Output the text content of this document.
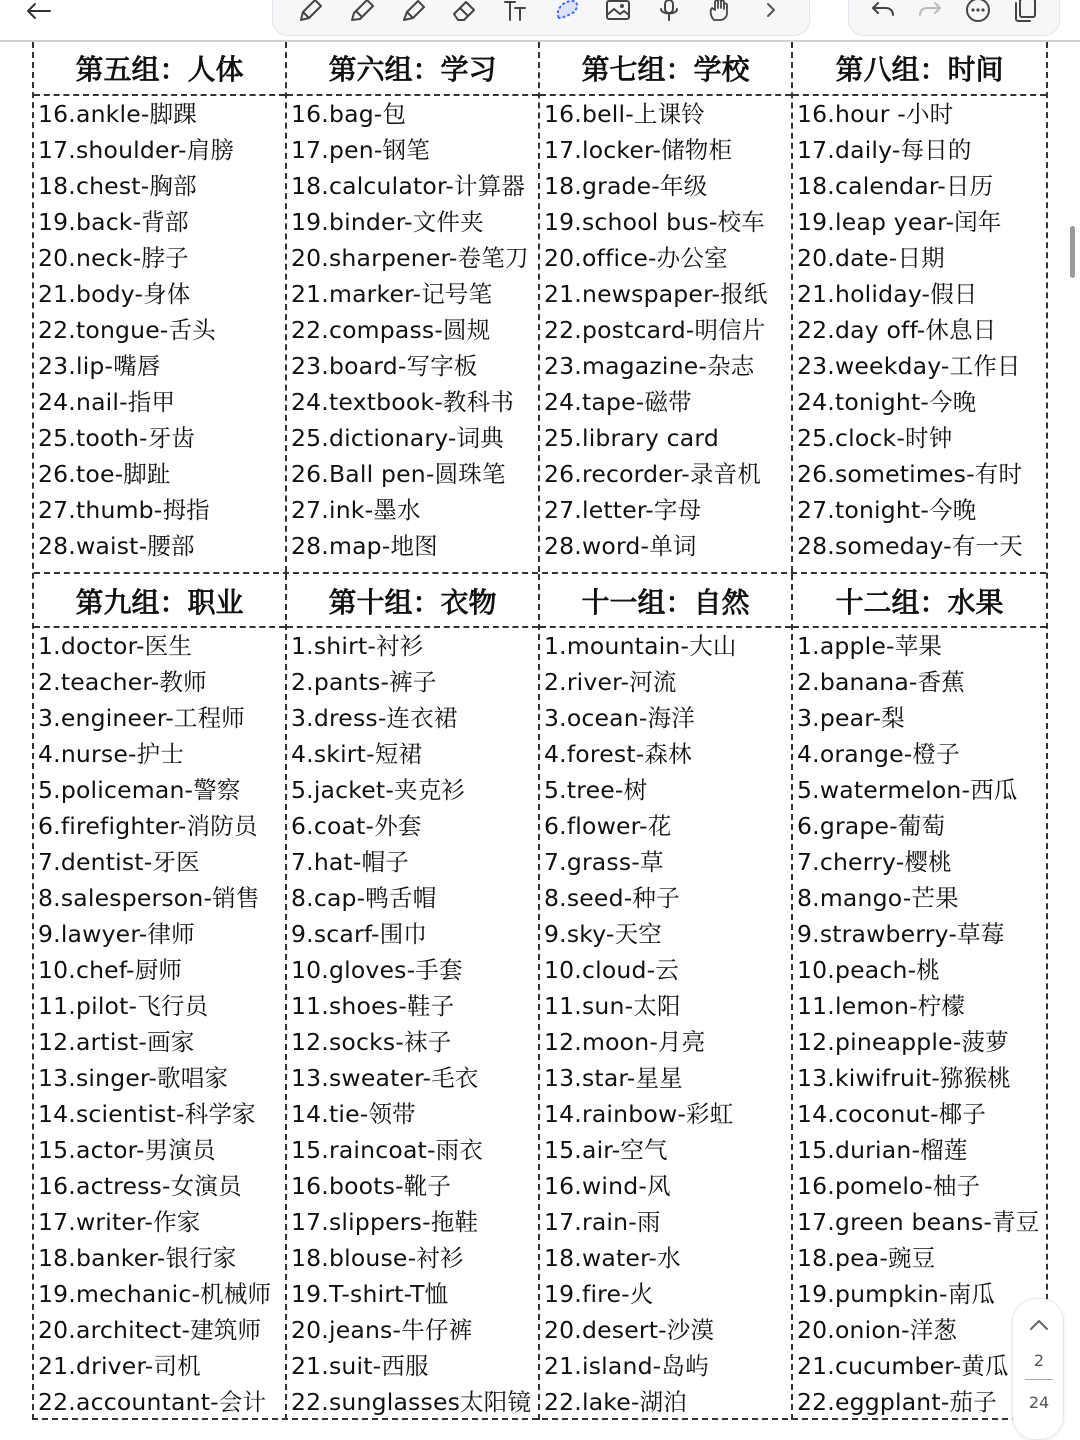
第五组：人体
16.ankle-脚踝
17.shoulder-肩膀
18.chest-胸部
19.back-背部
20.neck-脖子
21.body-身体
22.tongue-舌头
23.lip-嘴唇
24.nail-指甲
25.tooth-牙齿
26.toe-脚趾
27.thumb-拇指
28.waist-腰部
第六组：学习
16.bag-包
17.pen-钢笔
18.calculator-计算器
19.binder-文件夹
20.sharpener-卷笔刀
21.marker-记号笔
22.compass-圆规
23.board-写字板
24.textbook-教科书
25.dictionary-词典
26.Ball pen-圆珠笔
27.ink-墨水
28.map-地图
第七组：学校
16.bell-上课铃
17.locker-储物柜
18.grade-年级
19.school bus-校车
20.office-办公室
21.newspaper-报纸
22.postcard-明信片
23.magazine-杂志
24.tape-磁带
25.library card
26.recorder-录音机
27.letter-字母
28.word-单词
第八组：时间
16.hour -小时
17.daily-每日的
18.calendar-日历
19.leap year-闰年
20.date-日期
21.holiday-假日
22.day off-休息日
23.weekday-工作日
24.tonight-今晚
25.clock-时钟
26.sometimes-有时
27.tonight-今晚
28.someday-有一天
第九组：职业
1.doctor-医生
2.teacher-教师
3.engineer-工程师
4.nurse-护士
5.policeman-警察
6.firefighter-消防员
7.dentist-牙医
8.salesperson-销售
9.lawyer-律师
10.chef-厨师
11.pilot-飞行员
12.artist-画家
13.singer-歌唱家
14.scientist-科学家
15.actor-男演员
16.actress-女演员
17.writer-作家
18.banker-银行家
19.mechanic-机械师
20.architect-建筑师
21.driver-司机
22.accountant-会计
第十组：衣物
1.shirt-衬衫
2.pants-裤子
3.dress-连衣裙
4.skirt-短裙
5.jacket-夹克衫
6.coat-外套
7.hat-帽子
8.cap-鸭舌帽
9.scarf-围巾
10.gloves-手套
11.shoes-鞋子
12.socks-袜子
13.sweater-毛衣
14.tie-领带
15.raincoat-雨衣
16.boots-靴子
17.slippers-拖鞋
18.blouse-衬衫
19.T-shirt-T恤
20.jeans-牛仔裤
21.suit-西服
22.sunglasses太阳镜
十一组：自然
1.mountain-大山
2.river-河流
3.ocean-海洋
4.forest-森林
5.tree-树
6.flower-花
7.grass-草
8.seed-种子
9.sky-天空
10.cloud-云
11.sun-太阳
12.moon-月亮
13.star-星星
14.rainbow-彩虹
15.air-空气
16.wind-风
17.rain-雨
18.water-水
19.fire-火
20.desert-沙漠
21.island-岛屿
22.lake-湖泊
十二组：水果
1.apple-苹果
2.banana-香蕉
3.pear-梨
4.orange-橙子
5.watermelon-西瓜
6.grape-葡萄
7.cherry-樱桃
8.mango-芒果
9.strawberry-草莓
10.peach-桃
11.lemon-柠檬
12.pineapple-菠萝
13.kiwifruit-猕猴桃
14.coconut-椰子
15.durian-榴莲
16.pomelo-柚子
17.green beans-青豆
18.pea-豌豆
19.pumpkin-南瓜
20.onion-洋葱
21.cucumber-黄瓜
22.eggplant-茄子
2
24
